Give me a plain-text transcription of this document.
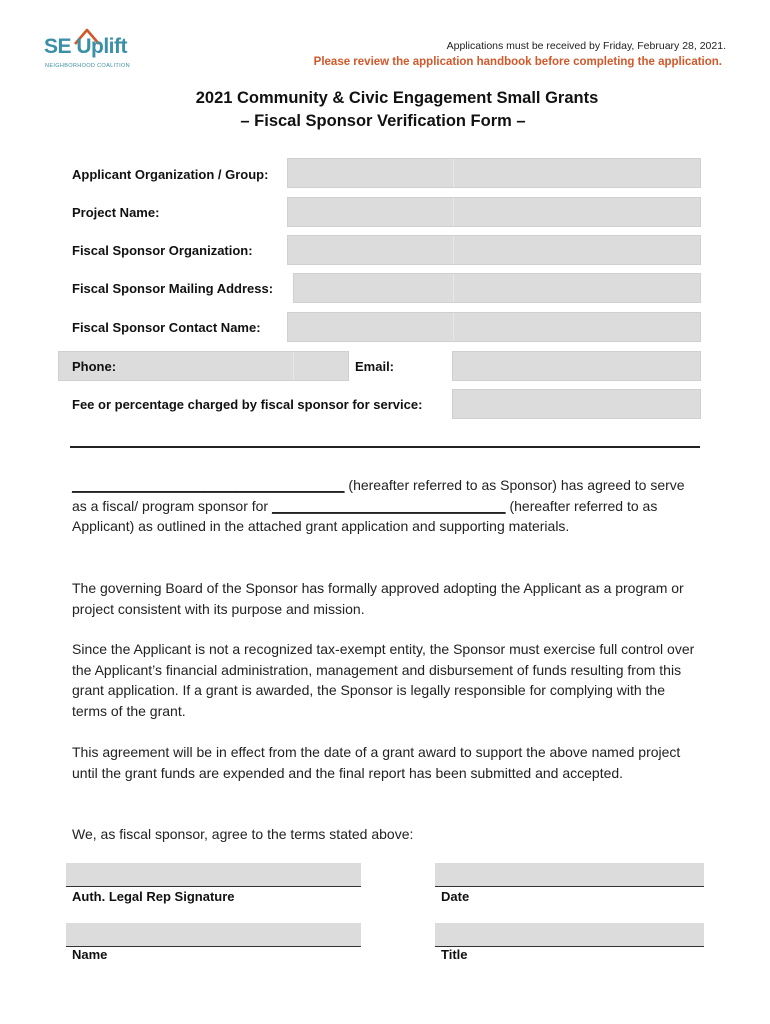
SE Uplift
NEIGHBORHOOD COALITION
Applications must be received by Friday, February 28, 2021.
Please review the application handbook before completing the application.
2021 Community & Civic Engagement Small Grants
– Fiscal Sponsor Verification Form –
Applicant Organization / Group:
Project Name:
Fiscal Sponsor Organization:
Fiscal Sponsor Mailing Address:
Fiscal Sponsor Contact Name:
Phone:	Email:
Fee or percentage charged by fiscal sponsor for service:
___________________________________ (hereafter referred to as Sponsor) has agreed to serve as a fiscal/ program sponsor for ______________________________ (hereafter referred to as Applicant) as outlined in the attached grant application and supporting materials.
The governing Board of the Sponsor has formally approved adopting the Applicant as a program or project consistent with its purpose and mission.
Since the Applicant is not a recognized tax-exempt entity, the Sponsor must exercise full control over the Applicant’s financial administration, management and disbursement of funds resulting from this grant application. If a grant is awarded, the Sponsor is legally responsible for complying with the terms of the grant.
This agreement will be in effect from the date of a grant award to support the above named project until the grant funds are expended and the final report has been submitted and accepted.
We, as fiscal sponsor, agree to the terms stated above:
Auth. Legal Rep Signature	Date
Name	Title
